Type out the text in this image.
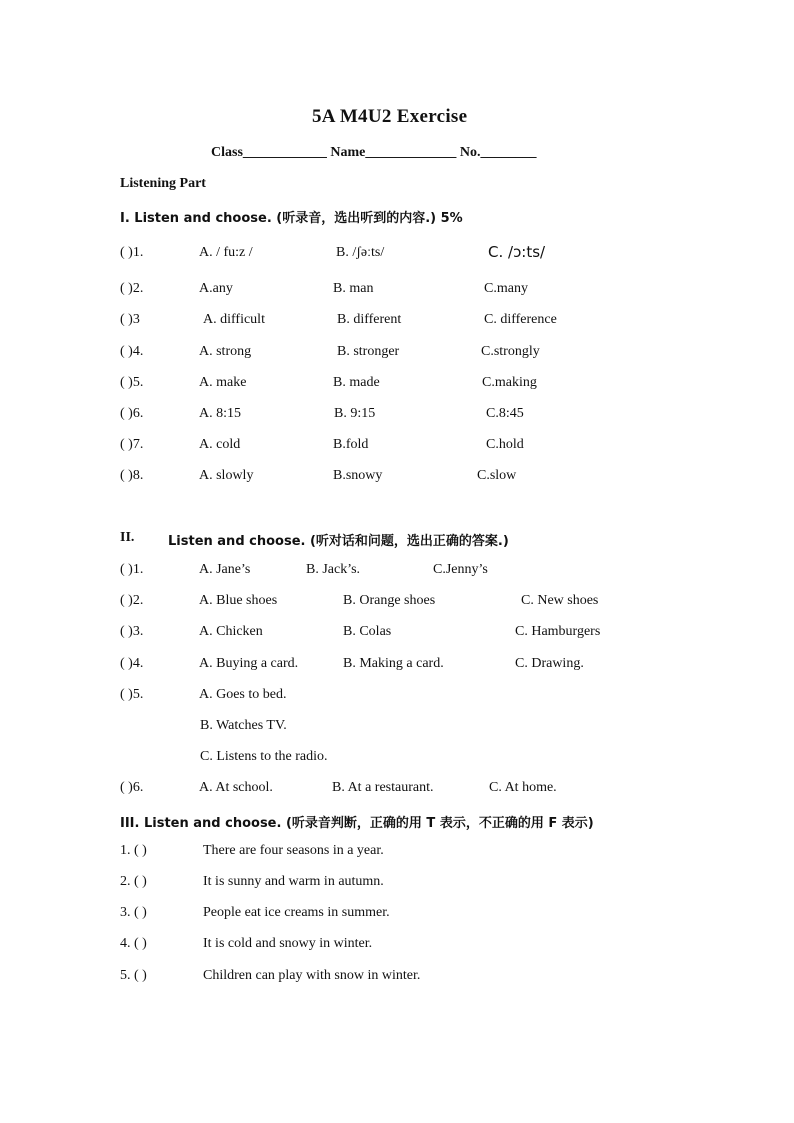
5A M4U2 Exercise
Class____________ Name_____________ No.________
Listening Part
I. Listen and choose. (听录音，选出听到的内容.) 5%
( )1.	A. / fu:z /	B. /ʃəːts/	C. /ɔ:ts/
( )2.	A.any	B. man	C.many
( )3	A. difficult	B. different	C. difference
( )4.	A. strong	B. stronger	C.strongly
( )5.	A. make	B. made	C.making
( )6.	A. 8:15	B. 9:15	C.8:45
( )7.	A. cold	B.fold	C.hold
( )8.	A. slowly	B.snowy	C.slow
II.	Listen and choose. (听对话和问题，选出正确的答案.)
( )1.	A. Jane’s	B. Jack’s.	C.Jenny’s
( )2.	A. Blue shoes	B. Orange shoes	C. New shoes
( )3.	A. Chicken	B. Colas	C. Hamburgers
( )4.	A. Buying a card.	B. Making a card.	C. Drawing.
( )5.	A. Goes to bed.
B. Watches TV.
C. Listens to the radio.
( )6.	A. At school.	B. At a restaurant.	C. At home.
III. Listen and choose. (听录音判断，正确的用 T 表示，不正确的用 F 表示)
1. ( )	There are four seasons in a year.
2. ( )	It is sunny and warm in autumn.
3. ( )	People eat ice creams in summer.
4. ( )	It is cold and snowy in winter.
5. ( )	Children can play with snow in winter.
